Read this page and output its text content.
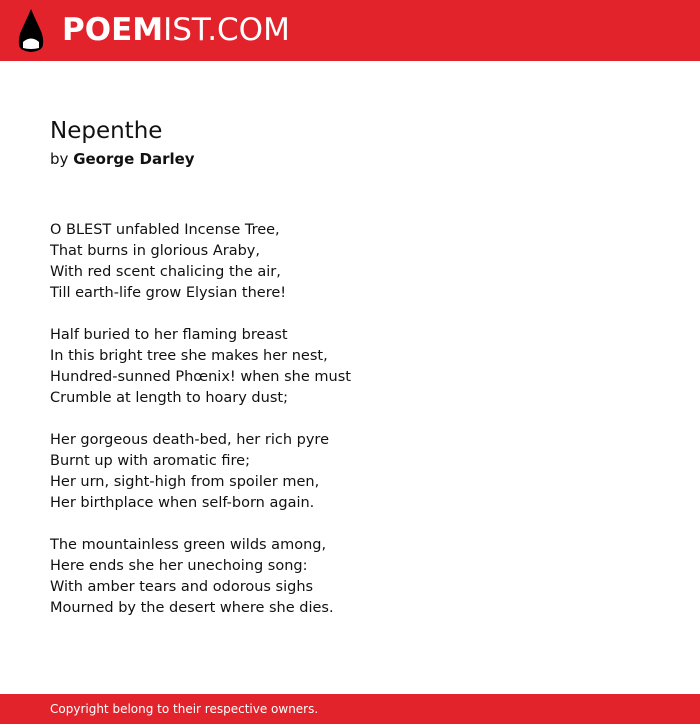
POEMIST.COM
Nepenthe
by George Darley
O BLEST unfabled Incense Tree,
That burns in glorious Araby,
With red scent chalicing the air,
Till earth-life grow Elysian there!
Half buried to her flaming breast
In this bright tree she makes her nest,
Hundred-sunned Phœnix! when she must
Crumble at length to hoary dust;
Her gorgeous death-bed, her rich pyre
Burnt up with aromatic fire;
Her urn, sight-high from spoiler men,
Her birthplace when self-born again.
The mountainless green wilds among,
Here ends she her unechoing song:
With amber tears and odorous sighs
Mourned by the desert where she dies.
Copyright belong to their respective owners.
